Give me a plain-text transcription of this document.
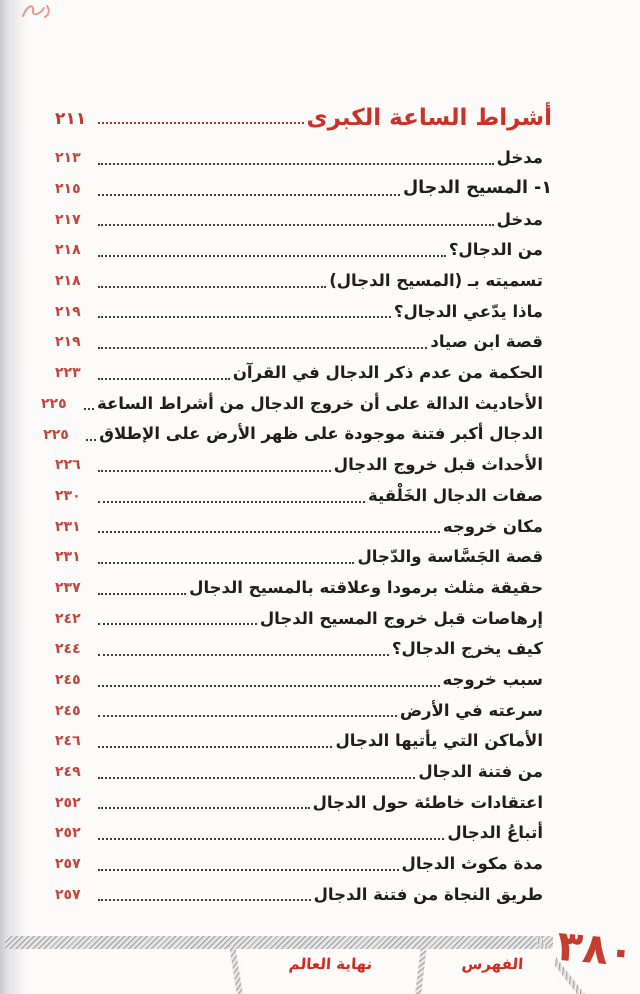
أشراط الساعة الكبرى
٢١١
مدخل
٢١٣
١- المسيح الدجال
٢١٥
مدخل
٢١٧
من الدجال؟
٢١٨
تسميته بـ (المسيح الدجال)
٢١٨
ماذا يدّعي الدجال؟
٢١٩
قصة ابن صياد
٢١٩
الحكمة من عدم ذكر الدجال في القرآن
٢٢٣
الأحاديث الدالة على أن خروج الدجال من أشراط الساعة
٢٢٥
الدجال أكبر فتنة موجودة على ظهر الأرض على الإطلاق
٢٢٥
الأحداث قبل خروج الدجال
٢٢٦
صفات الدجال الخَلْقية
٢٣٠
مكان خروجه
٢٣١
قصة الجَسَّاسة والدّجال
٢٣١
حقيقة مثلث برمودا وعلاقته بالمسيح الدجال
٢٣٧
إرهاصات قبل خروج المسيح الدجال
٢٤٢
كيف يخرج الدجال؟
٢٤٤
سبب خروجه
٢٤٥
سرعته في الأرض
٢٤٥
الأماكن التي يأتيها الدجال
٢٤٦
من فتنة الدجال
٢٤٩
اعتقادات خاطئة حول الدجال
٢٥٢
أتباعُ الدجال
٢٥٢
مدة مكوث الدجال
٢٥٧
طريق النجاة من فتنة الدجال
٢٥٧
نهاية العالم	الفهرس ٣٨٠
